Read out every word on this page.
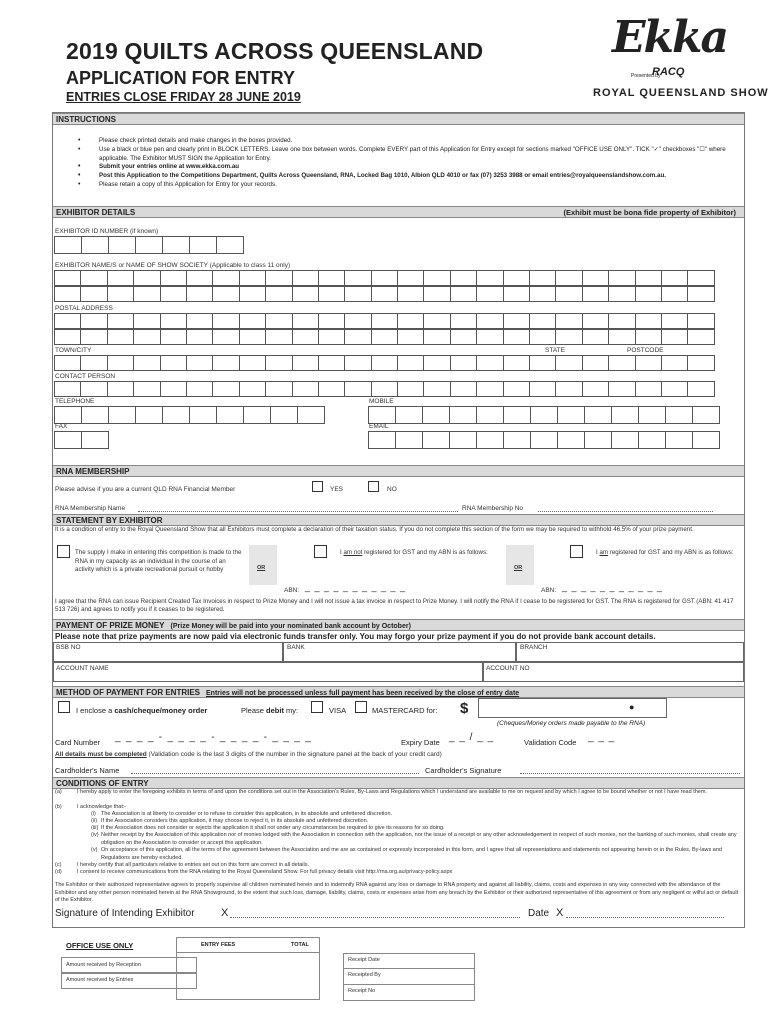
2019 QUILTS ACROSS QUEENSLAND
APPLICATION FOR ENTRY
ENTRIES CLOSE FRIDAY 28 JUNE 2019
Ekka
Presented by
RACQ
ROYAL QUEENSLAND SHOW
INSTRUCTIONS
• Please check printed details and make changes in the boxes provided.
• Use a black or blue pen and clearly print in BLOCK LETTERS. Leave one box between words. Complete EVERY part of this Application for Entry except for sections marked "OFFICE USE ONLY". TICK "✓" checkboxes "☐" where applicable. The Exhibitor MUST SIGN the Application for Entry.
• Submit your entries online at www.ekka.com.au
• Post this Application to the Competitions Department, Quilts Across Queensland, RNA, Locked Bag 1010, Albion QLD 4010 or fax (07) 3253 3988 or email entries@royalqueenslandshow.com.au.
• Please retain a copy of this Application for Entry for your records.
EXHIBITOR DETAILS	(Exhibit must be bona fide property of Exhibitor)
EXHIBITOR ID NUMBER (if known)
EXHIBITOR NAME/S or NAME OF SHOW SOCIETY (Applicable to class 11 only)
POSTAL ADDRESS
TOWN/CITY	STATE	POSTCODE
CONTACT PERSON
TELEPHONE	MOBILE
FAX	EMAIL
RNA MEMBERSHIP
Please advise if you are a current QLD RNA Financial Member	YES	NO
RNA Membership Name	RNA Membership No
STATEMENT BY EXHIBITOR
It is a condition of entry to the Royal Queensland Show that all Exhibitors must complete a declaration of their taxation status. If you do not complete this section of the form we may be required to withhold 46.5% of your prize payment.
The supply I make in entering this competition is made to the RNA in my capacity as an individual in the course of an activity which is a private recreational pursuit or hobby	OR
I am not registered for GST and my ABN is as follows:
OR
I am registered for GST and my ABN is as follows:
ABN: _ _ _ _ _ _ _ _ _ _ _	ABN: _ _ _ _ _ _ _ _ _ _ _
I agree that the RNA can issue Recipient Created Tax Invoices in respect to Prize Money and I will not issue a tax invoice in respect to Prize Money. I will notify the RNA if I cease to be registered for GST. The RNA is registered for GST (ABN: 41 417 513 726) and agrees to notify you if it ceases to be registered.
PAYMENT OF PRIZE MONEY (Prize Money will be paid into your nominated bank account by October)
Please note that prize payments are now paid via electronic funds transfer only. You may forgo your prize payment if you do not provide bank account details.
BSB NO	BANK	BRANCH
ACCOUNT NAME	ACCOUNT NO
METHOD OF PAYMENT FOR ENTRIES Entries will not be processed unless full payment has been received by the close of entry date
I enclose a cash/cheque/money order	Please debit my:	VISA	MASTERCARD for: $	●
(Cheques/Money orders made payable to the RNA)
Card Number _ _ _ _ - _ _ _ _ - _ _ _ _ - _ _ _ _	Expiry Date _ _ / _ _	Validation Code _ _ _
All details must be completed (Validation code is the last 3 digits of the number in the signature panel at the back of your credit card)
Cardholder's Name	Cardholder's Signature
CONDITIONS OF ENTRY
(a)	I hereby apply to enter the foregoing exhibits in terms of and upon the conditions set out in the Association's Rules, By-Laws and Regulations which I understand are available to me on request and by which I agree to be bound whether or not I have read them.
(b)	I acknowledge that:-
(i) The Association is at liberty to consider or to refuse to consider this application, in its absolute and unfettered discretion.
(ii) If the Association considers this application, it may choose to reject it, in its absolute and unfettered discretion.
(iii) If the Association does not consider or rejects the application it shall not under any circumstances be required to give its reasons for so doing.
(iv) Neither receipt by the Association of this application nor of monies lodged with the Association in connection with the application, nor the issue of a receipt or any other acknowledgement in respect of such monies, nor the banking of such monies, shall create any obligation on the Association to consider or accept this application.
(v) On acceptance of this application, all the terms of the agreement between the Association and me are as contained or expressly incorporated in this form, and I agree that all representations and statements not appearing herein or in the Rules, By-laws and Regulations are hereby excluded.
(c)	I hereby certify that all particulars relative to entries set out on this form are correct in all details.
(d)	I consent to receive communications from the RNA relating to the Royal Queensland Show. For full privacy details visit http://rna.org.au/privacy-policy.aspx
The Exhibitor or their authorized representative agrees to properly supervise all children nominated herein and to indemnify RNA against any loss or damage to RNA property and against all liability, claims, costs and expenses in any way connected with the attendance of the Exhibitor and any other person nominated herein at the RNA Showground, to the extent that such loss, damage, liability, claims, costs or expenses arise from any breach by the Exhibitor or their authorized representative of this agreement or from any negligent or wilful act or default of the Exhibitor.
Signature of Intending Exhibitor X	Date X
OFFICE USE ONLY	ENTRY FEES	TOTAL
Amount received by Reception
Amount received by Entries
Receipt Date
Receipted By
Receipt No
